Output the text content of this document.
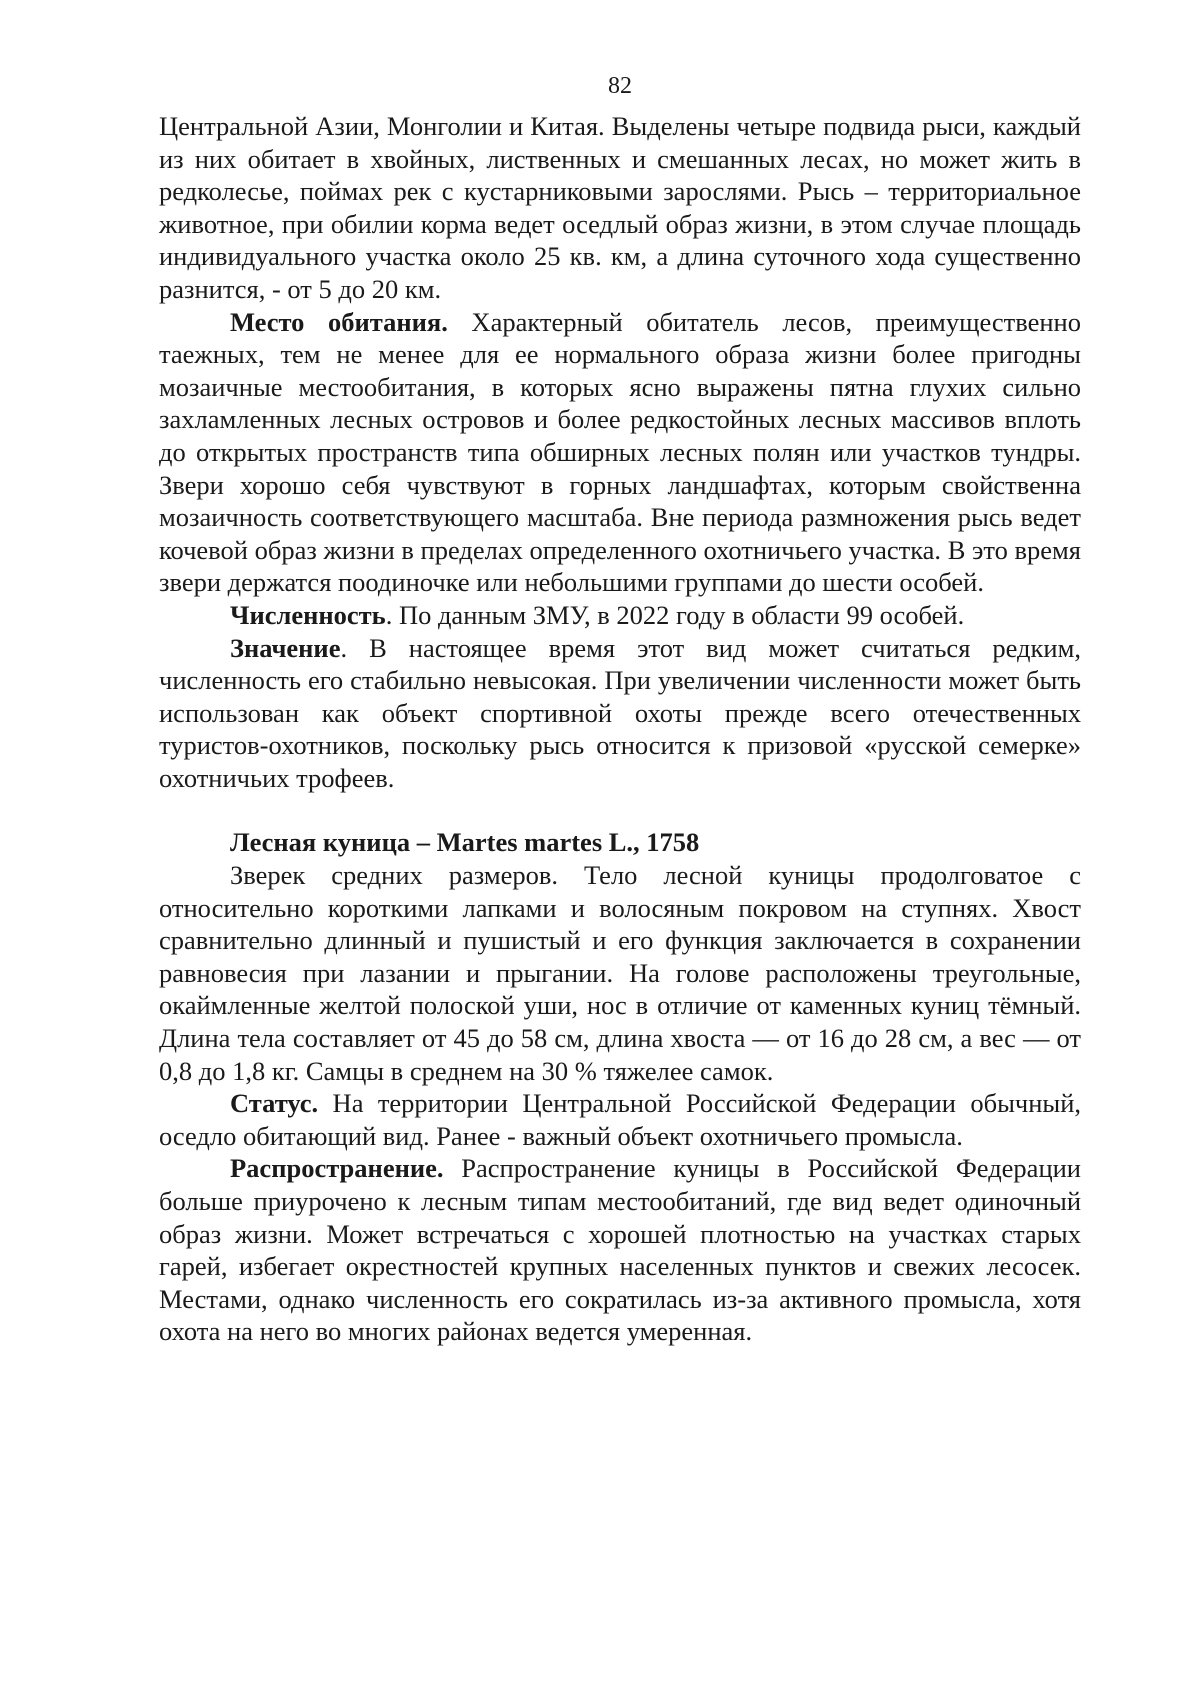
82

Центральной Азии, Монголии и Китая. Выделены четыре подвида рыси, каждый из них обитает в хвойных, лиственных и смешанных лесах, но может жить в редколесье, поймах рек с кустарниковыми зарослями. Рысь – территориальное животное, при обилии корма ведет оседлый образ жизни, в этом случае площадь индивидуального участка около 25 кв. км, а длина суточного хода существенно разнится, - от 5 до 20 км.

Место обитания. Характерный обитатель лесов, преимущественно таежных, тем не менее для ее нормального образа жизни более пригодны мозаичные местообитания, в которых ясно выражены пятна глухих сильно захламленных лесных островов и более редкостойных лесных массивов вплоть до открытых пространств типа обширных лесных полян или участков тундры. Звери хорошо себя чувствуют в горных ландшафтах, которым свойственна мозаичность соответствующего масштаба. Вне периода размножения рысь ведет кочевой образ жизни в пределах определенного охотничьего участка. В это время звери держатся поодиночке или небольшими группами до шести особей.

Численность. По данным ЗМУ, в 2022 году в области 99 особей.

Значение. В настоящее время этот вид может считаться редким, численность его стабильно невысокая. При увеличении численности может быть использован как объект спортивной охоты прежде всего отечественных туристов-охотников, поскольку рысь относится к призовой «русской семерке» охотничьих трофеев.

Лесная куница – Martes martes L., 1758

Зверек средних размеров. Тело лесной куницы продолговатое с относительно короткими лапками и волосяным покровом на ступнях. Хвост сравнительно длинный и пушистый и его функция заключается в сохранении равновесия при лазании и прыгании. На голове расположены треугольные, окаймленные желтой полоской уши, нос в отличие от каменных куниц тёмный. Длина тела составляет от 45 до 58 см, длина хвоста — от 16 до 28 см, а вес — от 0,8 до 1,8 кг. Самцы в среднем на 30 % тяжелее самок.

Статус. На территории Центральной Российской Федерации обычный, оседло обитающий вид. Ранее - важный объект охотничьего промысла.

Распространение. Распространение куницы в Российской Федерации больше приурочено к лесным типам местообитаний, где вид ведет одиночный образ жизни. Может встречаться с хорошей плотностью на участках старых гарей, избегает окрестностей крупных населенных пунктов и свежих лесосек. Местами, однако численность его сократилась из-за активного промысла, хотя охота на него во многих районах ведется умеренная.
